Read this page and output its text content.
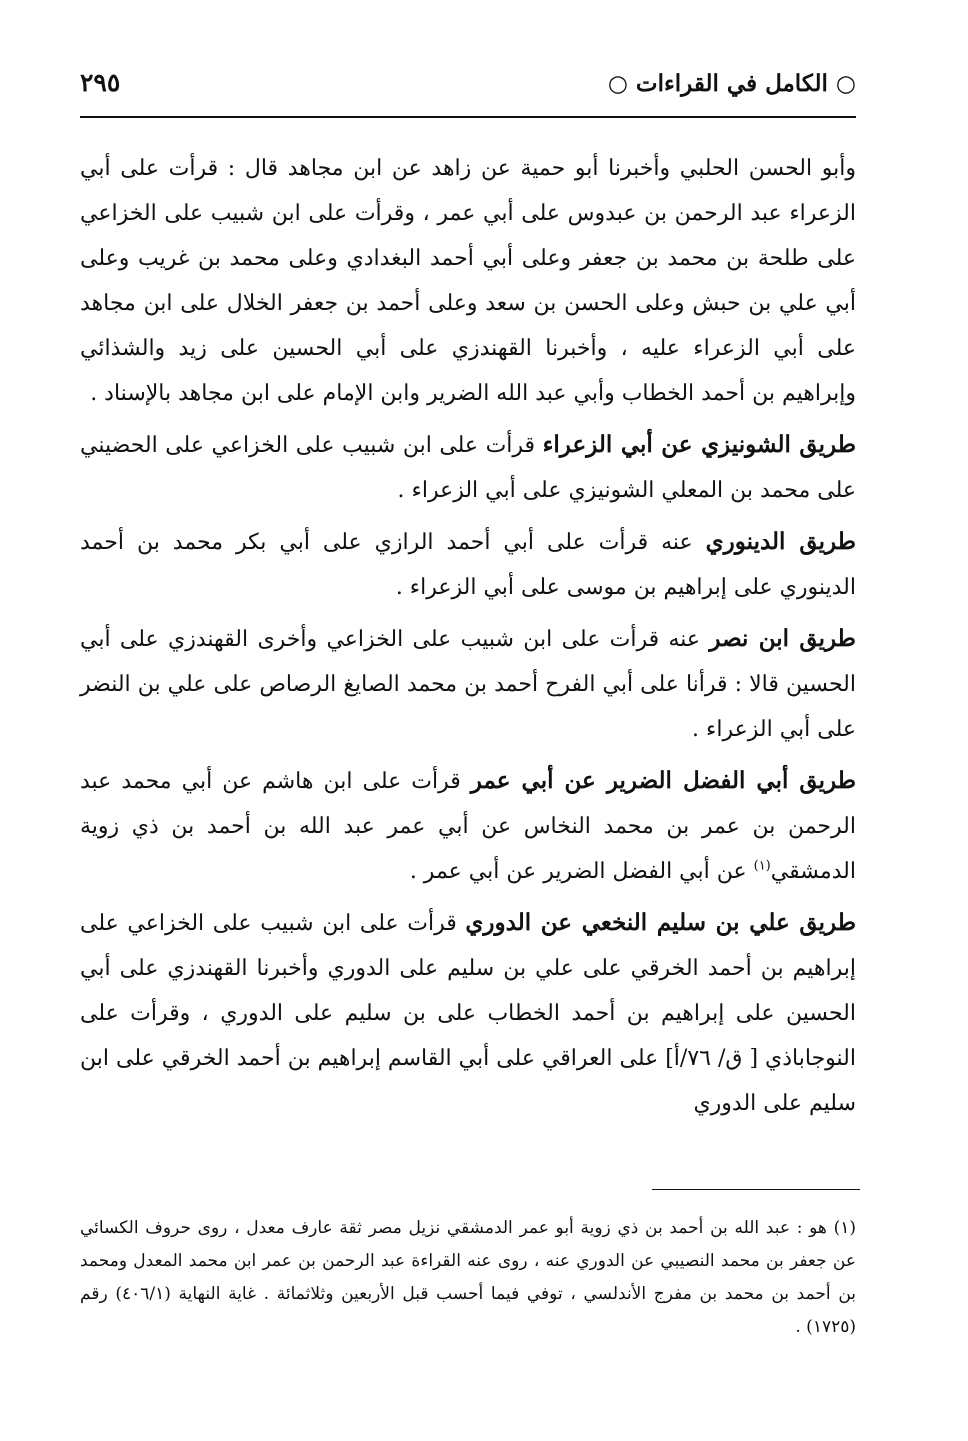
○ الكامل في القراءات ○
٢٩٥

وأبو الحسن الحلبي وأخبرنا أبو حمية عن زاهد عن ابن مجاهد قال : قرأت على أبي الزعراء عبد الرحمن بن عبدوس على أبي عمر ، وقرأت على ابن شبيب على الخزاعي على طلحة بن محمد بن جعفر وعلى أبي أحمد البغدادي وعلى محمد بن غريب وعلى أبي علي بن حبش وعلى الحسن بن سعد وعلى أحمد بن جعفر الخلال على ابن مجاهد على أبي الزعراء عليه ، وأخبرنا القهندزي على أبي الحسين على زيد والشذائي وإبراهيم بن أحمد الخطاب وأبي عبد الله الضرير وابن الإمام على ابن مجاهد بالإسناد .

طريق الشونيزي عن أبي الزعراء قرأت على ابن شبيب على الخزاعي على الحضيني على محمد بن المعلي الشونيزي على أبي الزعراء .

طريق الدينوري عنه قرأت على أبي أحمد الرازي على أبي بكر محمد بن أحمد الدينوري على إبراهيم بن موسى على أبي الزعراء .

طريق ابن نصر عنه قرأت على ابن شبيب على الخزاعي وأخرى القهندزي على أبي الحسين قالا : قرأنا على أبي الفرح أحمد بن محمد الصايغ الرصاص على علي بن النضر على أبي الزعراء .

طريق أبي الفضل الضرير عن أبي عمر قرأت على ابن هاشم عن أبي محمد عبد الرحمن بن عمر بن محمد النخاس عن أبي عمر عبد الله بن أحمد بن ذي زوية الدمشقي$^{(١)}$ عن أبي الفضل الضرير عن أبي عمر .

طريق علي بن سليم النخعي عن الدوري قرأت على ابن شبيب على الخزاعي على إبراهيم بن أحمد الخرقي على علي بن سليم على الدوري وأخبرنا القهندزي على أبي الحسين على إبراهيم بن أحمد الخطاب على بن سليم على الدوري ، وقرأت على النوجاباذي [ ق/ ٧٦/أ] على العراقي على أبي القاسم إبراهيم بن أحمد الخرقي على ابن سليم على الدوري

(١) هو : عبد الله بن أحمد بن ذي زوية أبو عمر الدمشقي نزيل مصر ثقة عارف معدل ، روى حروف الكسائي عن جعفر بن محمد النصيبي عن الدوري عنه ، روى عنه القراءة عبد الرحمن بن عمر ابن محمد المعدل ومحمد بن أحمد بن محمد بن مفرج الأندلسي ، توفي فيما أحسب قبل الأربعين وثلاثمائة . غاية النهاية (٤٠٦/١) رقم (١٧٢٥) .
